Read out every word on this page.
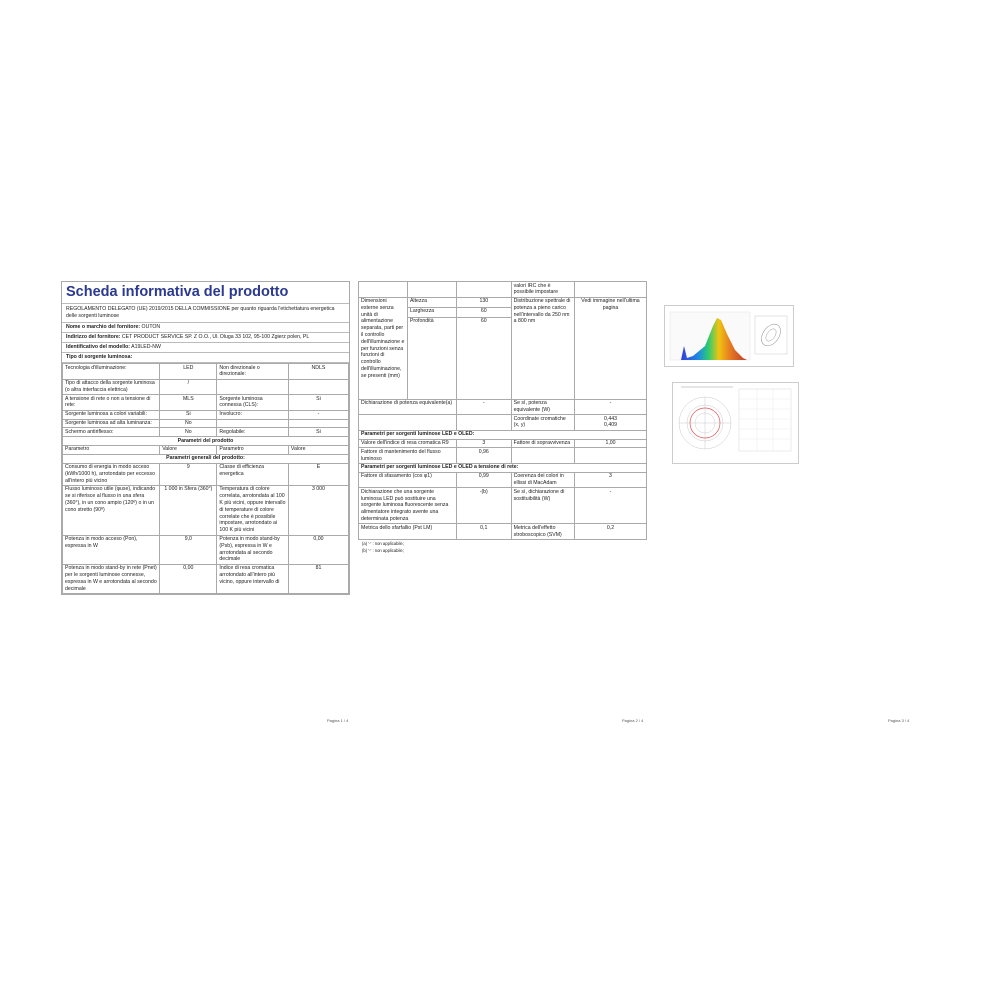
Scheda informativa del prodotto
REGOLAMENTO DELEGATO (UE) 2019/2015 DELLA COMMISSIONE per quanto riguarda l'etichettatura energetica delle sorgenti luminose
Nome o marchio del fornitore: OUTON
Indirizzo del fornitore: CET PRODUCT SERVICE SP. Z O.O., Ul. Dluga 33 102, 95-100 Zgierz polen, PL
Identificativo del modello: A19LED-NW
Tipo di sorgente luminosa:
Tecnologia d'illuminazione:	LED	Non direzionale o direzionale:	NDLS
Tipo di attacco della sorgente luminosa (o altra interfaccia elettrica)	/		
A tensione di rete o non a tensione di rete:	MLS	Sorgente luminosa connessa (CLS):	Si
Sorgente luminosa a colori variabili:	Si	Involucro:	-
Sorgente luminosa ad alta luminanza:	No		
Schermo antiriflesso:	No	Regolabile:	Si
Parametri del prodotto			
Parametro	Valore	Parametro	Valore
Parametri generali del prodotto:			
Consumo di energia in modo acceso (kWh/1000 h), arrotondato per eccesso all'intero più vicino	9	Classe di efficienza energetica	E
Flusso luminoso utile (φuse), indicando se si riferisce al flusso in una sfera (360°), in un cono ampio (120º) o in un cono stretto (90º)	1 000 in Sfera (360°)	Temperatura di colore correlata, arrotondata al 100 K più vicini, oppure intervallo di temperature di colore correlate che è possibile impostare, arrotondato ai 100 K più vicini	3 000
Potenza in modo acceso (Pon), espressa in W	9,0	Potenza in modo stand-by (Psb), espressa in W e arrotondata al secondo decimale	0,00
Potenza in modo stand-by in rete (Pnet) per le sorgenti luminose connesse, espressa in W e arrotondata al secondo decimale	0,00	Indice di resa cromatica arrotondato all'intero più vicino, oppure intervallo di	81
Pagina 1 / 4
			valori IRC che è possibile impostare	
Dimensioni esterne senza unità di alimentazione separata, parti per il controllo dell'illuminazione e per funzioni senza funzioni di controllo dell'illuminazione, se presenti (mm)	Altezza	130	Distribuzione spettrale di potenza a pieno carico nell'intervallo da 250 nm a 800 nm	Vedi immagine nell'ultima pagina
	Larghezza	60		
	Profondità	60		
Dichiarazione di potenza equivalente(a)		-	Se sì, potenza equivalente (W)	-
			Coordinate cromatiche (x, y)	0,443
0,409
Parametri per sorgenti luminose LED e OLED:				
Valore dell'indice di resa cromatica R9		3	Fattore di sopravvivenza	1,00
Fattore di mantenimento del flusso luminoso		0,96		
Parametri per sorgenti luminose LED e OLED a tensione di rete:				
Fattore di sfasamento (cos φ1)		0,99	Coerenza dei colori in ellissi di MacAdam	3
Dichiarazione che una sorgente luminosa LED può sostituire una sorgente luminosa fluorescente senza alimentatore integrato avente una determinata potenza		-(b)	Se sì, dichiarazione di sostituibilità (W)	-
Metrica dello sfarfallio (Pst LM)		0,1	Metrica dell'effetto stroboscopico (SVM)	0,2
(a) '-' : non applicabile;
(b) '-' : non applicabile;
Pagina 2 / 4	Pagina 3 / 4
